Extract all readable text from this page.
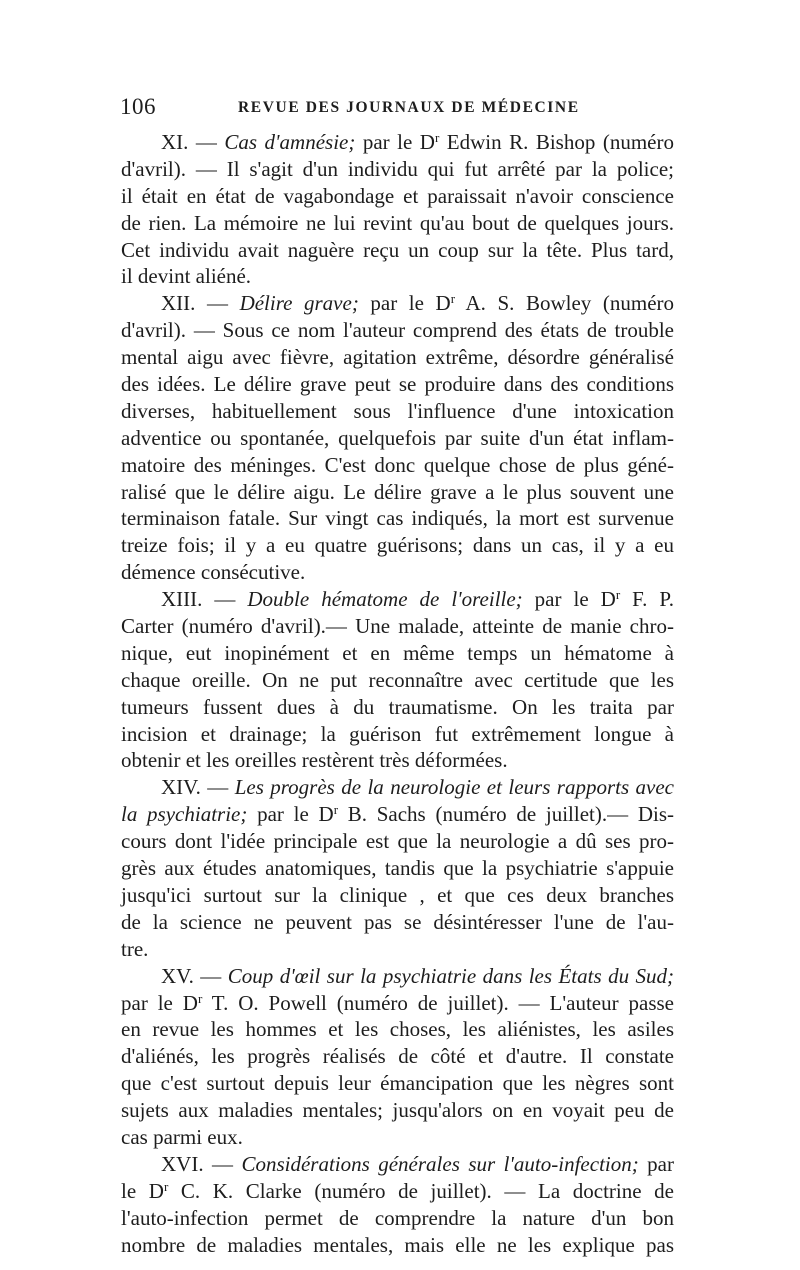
106	REVUE DES JOURNAUX DE MÉDECINE
XI. — Cas d'amnésie; par le $D^r$ Edwin R. Bishop (numéro
d'avril). — Il s'agit d'un individu qui fut arrêté par la police;
il était en état de vagabondage et paraissait n'avoir conscience
de rien. La mémoire ne lui revint qu'au bout de quelques jours.
Cet individu avait naguère reçu un coup sur la tête. Plus tard,
il devint aliéné.
XII. — Délire grave; par le $D^r$ A. S. Bowley (numéro
d'avril). — Sous ce nom l'auteur comprend des états de trouble
mental aigu avec fièvre, agitation extrême, désordre généralisé
des idées. Le délire grave peut se produire dans des conditions
diverses, habituellement sous l'influence d'une intoxication
adventice ou spontanée, quelquefois par suite d'un état inflam-
matoire des méninges. C'est donc quelque chose de plus géné-
ralisé que le délire aigu. Le délire grave a le plus souvent une
terminaison fatale. Sur vingt cas indiqués, la mort est survenue
treize fois; il y a eu quatre guérisons; dans un cas, il y a eu
démence consécutive.
XIII. — Double hématome de l'oreille; par le $D^r$ F. P.
Carter (numéro d'avril).— Une malade, atteinte de manie chro-
nique, eut inopinément et en même temps un hématome à
chaque oreille. On ne put reconnaître avec certitude que les
tumeurs fussent dues à du traumatisme. On les traita par
incision et drainage; la guérison fut extrêmement longue à
obtenir et les oreilles restèrent très déformées.
XIV. — Les progrès de la neurologie et leurs rapports avec
la psychiatrie; par le $D^r$ B. Sachs (numéro de juillet).— Dis-
cours dont l'idée principale est que la neurologie a dû ses pro-
grès aux études anatomiques, tandis que la psychiatrie s'appuie
jusqu'ici surtout sur la clinique , et que ces deux branches
de la science ne peuvent pas se désintéresser l'une de l'au-
tre.
XV. — Coup d'œil sur la psychiatrie dans les États du Sud;
par le $D^r$ T. O. Powell (numéro de juillet). — L'auteur passe
en revue les hommes et les choses, les aliénistes, les asiles
d'aliénés, les progrès réalisés de côté et d'autre. Il constate
que c'est surtout depuis leur émancipation que les nègres sont
sujets aux maladies mentales; jusqu'alors on en voyait peu de
cas parmi eux.
XVI. — Considérations générales sur l'auto-infection; par
le $D^r$ C. K. Clarke (numéro de juillet). — La doctrine de
l'auto-infection permet de comprendre la nature d'un bon
nombre de maladies mentales, mais elle ne les explique pas
